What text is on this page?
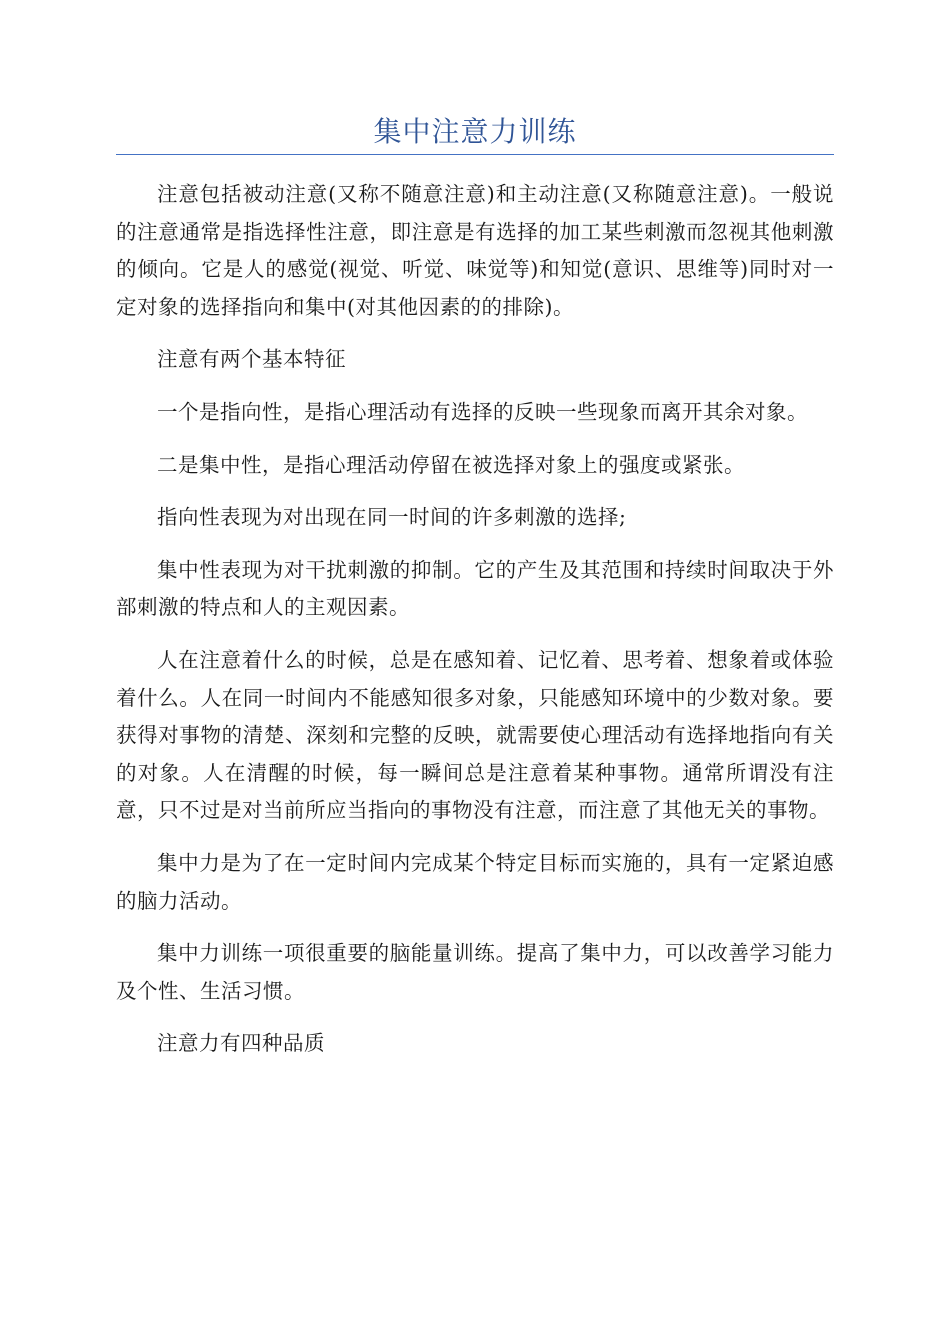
集中注意力训练

注意包括被动注意(又称不随意注意)和主动注意(又称随意注意)。一般说的注意通常是指选择性注意，即注意是有选择的加工某些刺激而忽视其他刺激的倾向。它是人的感觉(视觉、听觉、味觉等)和知觉(意识、思维等)同时对一定对象的选择指向和集中(对其他因素的的排除)。

注意有两个基本特征

一个是指向性，是指心理活动有选择的反映一些现象而离开其余对象。

二是集中性，是指心理活动停留在被选择对象上的强度或紧张。

指向性表现为对出现在同一时间的许多刺激的选择;

集中性表现为对干扰刺激的抑制。它的产生及其范围和持续时间取决于外部刺激的特点和人的主观因素。

人在注意着什么的时候，总是在感知着、记忆着、思考着、想象着或体验着什么。人在同一时间内不能感知很多对象，只能感知环境中的少数对象。要获得对事物的清楚、深刻和完整的反映，就需要使心理活动有选择地指向有关的对象。人在清醒的时候，每一瞬间总是注意着某种事物。通常所谓没有注意，只不过是对当前所应当指向的事物没有注意，而注意了其他无关的事物。

集中力是为了在一定时间内完成某个特定目标而实施的，具有一定紧迫感的脑力活动。

集中力训练一项很重要的脑能量训练。提高了集中力，可以改善学习能力及个性、生活习惯。

注意力有四种品质
